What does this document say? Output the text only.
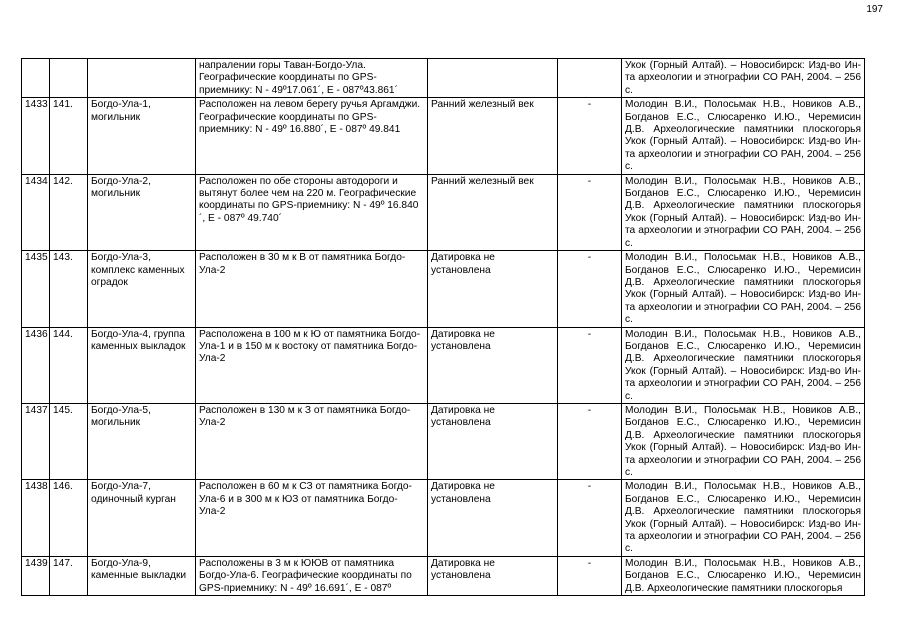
197
			напралении горы Таван-Богдо-Ула. Географические координаты по GPS-приемнику: N - 49º17.061´, E - 087º43.861´			Укок (Горный Алтай). – Новосибирск: Изд-во Ин-та археологии и этнографии СО РАН, 2004. – 256 с.
1433	141.	Богдо-Ула-1, могильник	Расположен на левом берегу ручья Аргамджи. Географические координаты по GPS-приемнику: N - 49º 16.880´, E - 087º 49.841	Ранний железный век	-	Молодин В.И., Полосьмак Н.В., Новиков А.В., Богданов Е.С., Слюсаренко И.Ю., Черемисин Д.В. Археологические памятники плоскогорья Укок (Горный Алтай). – Новосибирск: Изд-во Ин-та археологии и этнографии СО РАН, 2004. – 256 с.
1434	142.	Богдо-Ула-2, могильник	Расположен по обе стороны автодороги и вытянут более чем на 220 м. Географические координаты по GPS-приемнику: N - 49º 16.840´, E - 087º 49.740´	Ранний железный век	-	Молодин В.И., Полосьмак Н.В., Новиков А.В., Богданов Е.С., Слюсаренко И.Ю., Черемисин Д.В. Археологические памятники плоскогорья Укок (Горный Алтай). – Новосибирск: Изд-во Ин-та археологии и этнографии СО РАН, 2004. – 256 с.
1435	143.	Богдо-Ула-3, комплекс каменных оградок	Расположен в 30 м к В от памятника Богдо-Ула-2	Датировка не установлена	-	Молодин В.И., Полосьмак Н.В., Новиков А.В., Богданов Е.С., Слюсаренко И.Ю., Черемисин Д.В. Археологические памятники плоскогорья Укок (Горный Алтай). – Новосибирск: Изд-во Ин-та археологии и этнографии СО РАН, 2004. – 256 с.
1436	144.	Богдо-Ула-4, группа каменных выкладок	Расположена в 100 м к Ю от памятника Богдо-Ула-1 и в 150 м к востоку от памятника Богдо-Ула-2	Датировка не установлена	-	Молодин В.И., Полосьмак Н.В., Новиков А.В., Богданов Е.С., Слюсаренко И.Ю., Черемисин Д.В. Археологические памятники плоскогорья Укок (Горный Алтай). – Новосибирск: Изд-во Ин-та археологии и этнографии СО РАН, 2004. – 256 с.
1437	145.	Богдо-Ула-5, могильник	Расположен в 130 м к З от памятника Богдо-Ула-2	Датировка не установлена	-	Молодин В.И., Полосьмак Н.В., Новиков А.В., Богданов Е.С., Слюсаренко И.Ю., Черемисин Д.В. Археологические памятники плоскогорья Укок (Горный Алтай). – Новосибирск: Изд-во Ин-та археологии и этнографии СО РАН, 2004. – 256 с.
1438	146.	Богдо-Ула-7, одиночный курган	Расположен в 60 м к СЗ от памятника Богдо-Ула-6 и в 300 м к ЮЗ от памятника Богдо-Ула-2	Датировка не установлена	-	Молодин В.И., Полосьмак Н.В., Новиков А.В., Богданов Е.С., Слюсаренко И.Ю., Черемисин Д.В. Археологические памятники плоскогорья Укок (Горный Алтай). – Новосибирск: Изд-во Ин-та археологии и этнографии СО РАН, 2004. – 256 с.
1439	147.	Богдо-Ула-9, каменные выкладки	Расположены в 3 м к ЮЮВ от памятника Богдо-Ула-6. Географические координаты по GPS-приемнику: N - 49º 16.691´, E - 087º	Датировка не установлена	-	Молодин В.И., Полосьмак Н.В., Новиков А.В., Богданов Е.С., Слюсаренко И.Ю., Черемисин Д.В. Археологические памятники плоскогорья
